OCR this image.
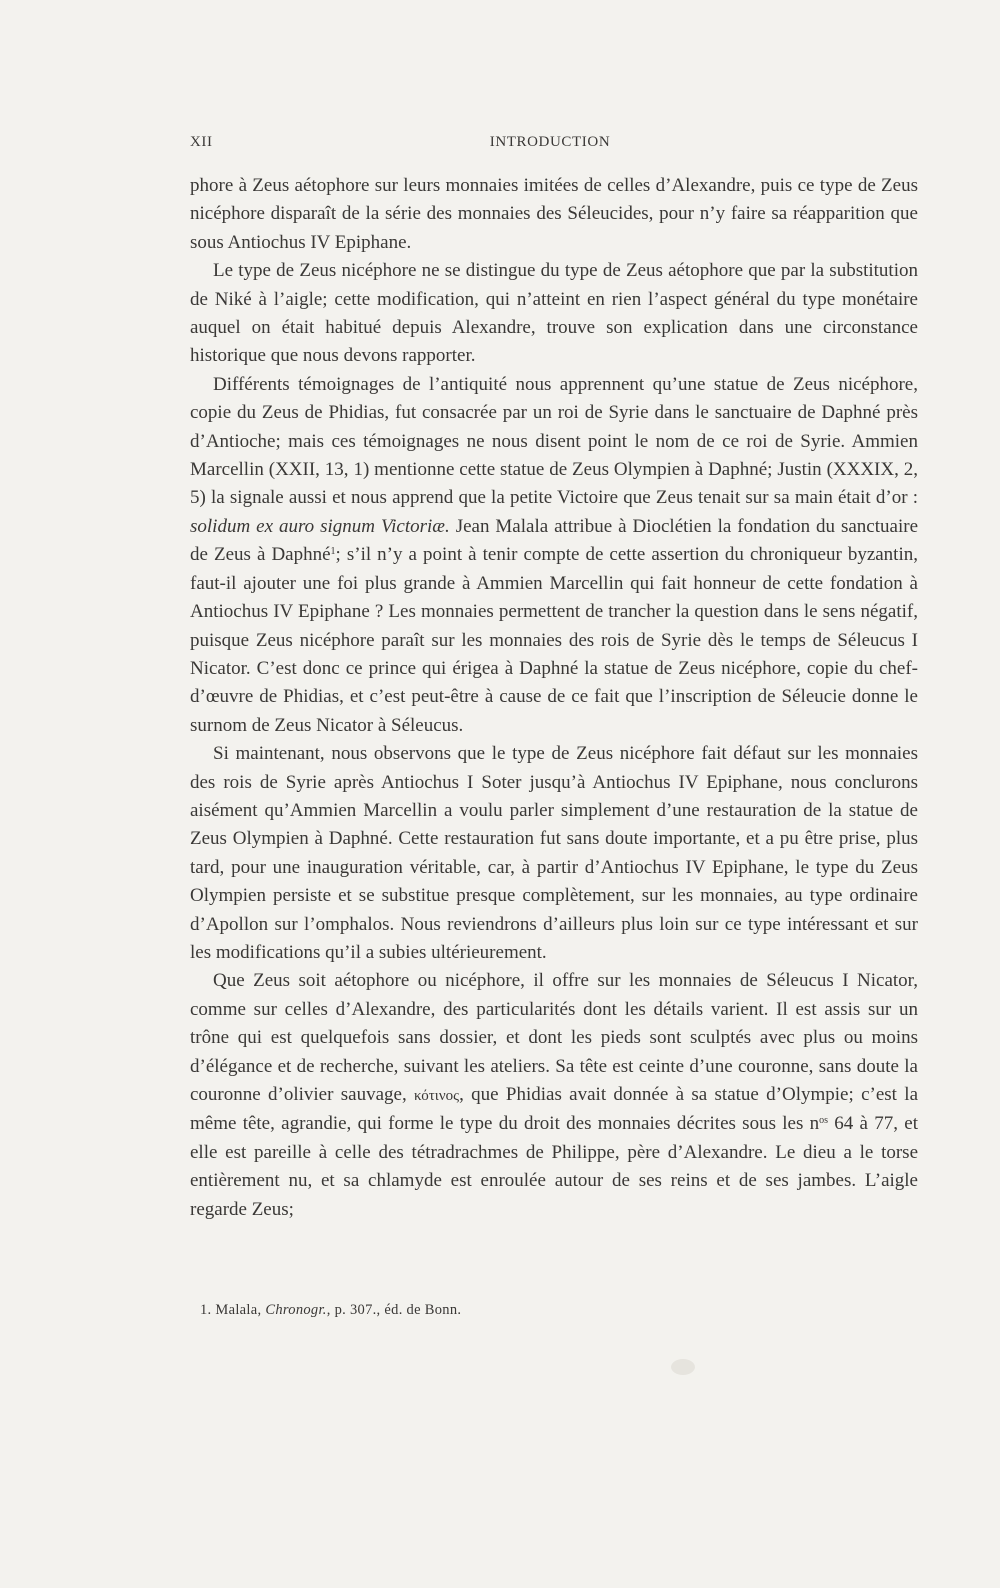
XII	INTRODUCTION

phore à Zeus aétophore sur leurs monnaies imitées de celles d’Alexandre, puis ce type de Zeus nicéphore disparaît de la série des monnaies des Séleucides, pour n’y faire sa réapparition que sous Antiochus IV Epiphane.

Le type de Zeus nicéphore ne se distingue du type de Zeus aétophore que par la substitution de Niké à l’aigle; cette modification, qui n’atteint en rien l’aspect général du type monétaire auquel on était habitué depuis Alexandre, trouve son explication dans une circonstance historique que nous devons rapporter.

Différents témoignages de l’antiquité nous apprennent qu’une statue de Zeus nicéphore, copie du Zeus de Phidias, fut consacrée par un roi de Syrie dans le sanctuaire de Daphné près d’Antioche; mais ces témoignages ne nous disent point le nom de ce roi de Syrie. Ammien Marcellin (XXII, 13, 1) mentionne cette statue de Zeus Olympien à Daphné; Justin (XXXIX, 2, 5) la signale aussi et nous apprend que la petite Victoire que Zeus tenait sur sa main était d’or : solidum ex auro signum Victoriæ. Jean Malala attribue à Dioclétien la fondation du sanctuaire de Zeus à Daphné$^1$; s’il n’y a point à tenir compte de cette assertion du chroniqueur byzantin, faut-il ajouter une foi plus grande à Ammien Marcellin qui fait honneur de cette fondation à Antiochus IV Epiphane ? Les monnaies permettent de trancher la question dans le sens négatif, puisque Zeus nicéphore paraît sur les monnaies des rois de Syrie dès le temps de Séleucus I Nicator. C’est donc ce prince qui érigea à Daphné la statue de Zeus nicéphore, copie du chef-d’œuvre de Phidias, et c’est peut-être à cause de ce fait que l’inscription de Séleucie donne le surnom de Zeus Nicator à Séleucus.

Si maintenant, nous observons que le type de Zeus nicéphore fait défaut sur les monnaies des rois de Syrie après Antiochus I Soter jusqu’à Antiochus IV Epiphane, nous conclurons aisément qu’Ammien Marcellin a voulu parler simplement d’une restauration de la statue de Zeus Olympien à Daphné. Cette restauration fut sans doute importante, et a pu être prise, plus tard, pour une inauguration véritable, car, à partir d’Antiochus IV Epiphane, le type du Zeus Olympien persiste et se substitue presque complètement, sur les monnaies, au type ordinaire d’Apollon sur l’omphalos. Nous reviendrons d’ailleurs plus loin sur ce type intéressant et sur les modifications qu’il a subies ultérieurement.

Que Zeus soit aétophore ou nicéphore, il offre sur les monnaies de Séleucus I Nicator, comme sur celles d’Alexandre, des particularités dont les détails varient. Il est assis sur un trône qui est quelquefois sans dossier, et dont les pieds sont sculptés avec plus ou moins d’élégance et de recherche, suivant les ateliers. Sa tête est ceinte d’une couronne, sans doute la couronne d’olivier sauvage, κότινος, que Phidias avait donnée à sa statue d’Olympie; c’est la même tête, agrandie, qui forme le type du droit des monnaies décrites sous les $n^{os}$ 64 à 77, et elle est pareille à celle des tétradrachmes de Philippe, père d’Alexandre. Le dieu a le torse entièrement nu, et sa chlamyde est enroulée autour de ses reins et de ses jambes. L’aigle regarde Zeus;

1. Malala, Chronogr., p. 307., éd. de Bonn.
